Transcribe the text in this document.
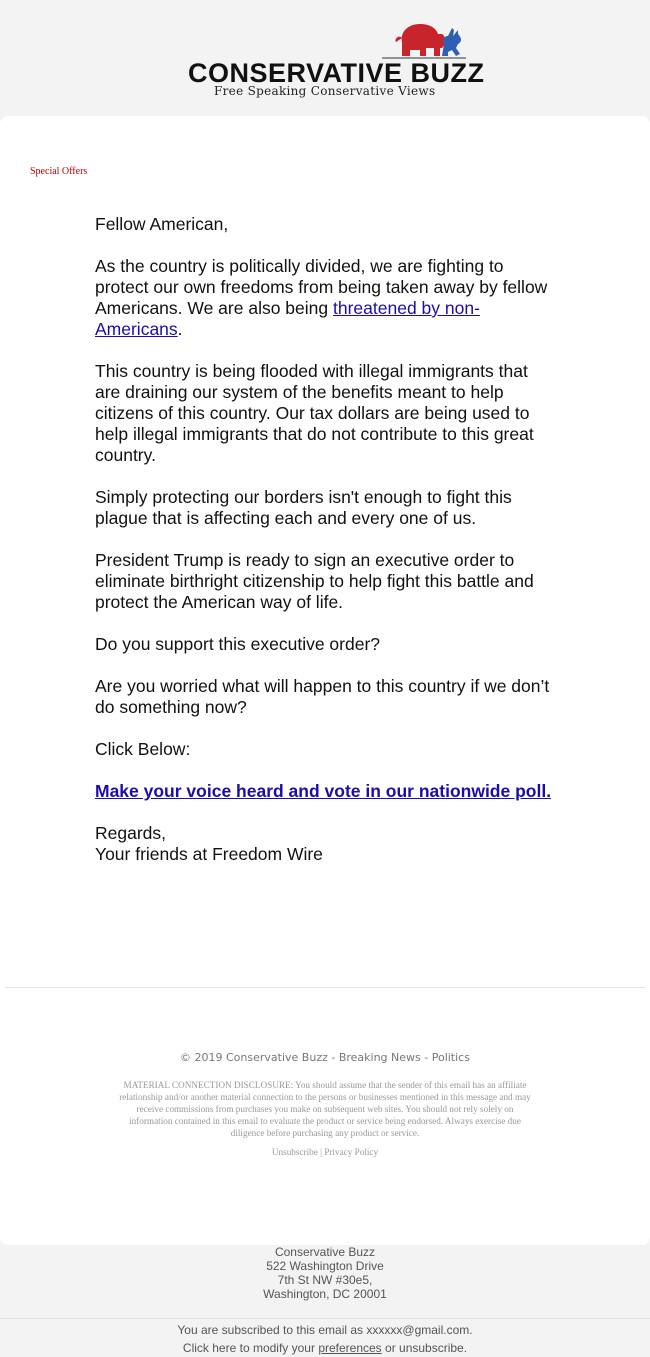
CONSERVATIVE BUZZ
Free Speaking Conservative Views
Special Offers

Fellow American,

As the country is politically divided, we are fighting to protect our own freedoms from being taken away by fellow Americans. We are also being threatened by non-Americans.

This country is being flooded with illegal immigrants that are draining our system of the benefits meant to help citizens of this country. Our tax dollars are being used to help illegal immigrants that do not contribute to this great country.

Simply protecting our borders isn't enough to fight this plague that is affecting each and every one of us.

President Trump is ready to sign an executive order to eliminate birthright citizenship to help fight this battle and protect the American way of life.

Do you support this executive order?

Are you worried what will happen to this country if we don’t do something now?

Click Below:

Make your voice heard and vote in our nationwide poll.

Regards,
Your friends at Freedom Wire

© 2019 Conservative Buzz - Breaking News - Politics
MATERIAL CONNECTION DISCLOSURE: You should assume that the sender of this email has an affiliate relationship and/or another material connection to the persons or businesses mentioned in this message and may receive commissions from purchases you make on subsequent web sites. You should not rely solely on information contained in this email to evaluate the product or service being endorsed. Always exercise due diligence before purchasing any product or service.
Unsubscribe | Privacy Policy
Conservative Buzz
522 Washington Drive
7th St NW #30e5,
Washington, DC 20001
You are subscribed to this email as xxxxxx@gmail.com.
Click here to modify your preferences or unsubscribe.
